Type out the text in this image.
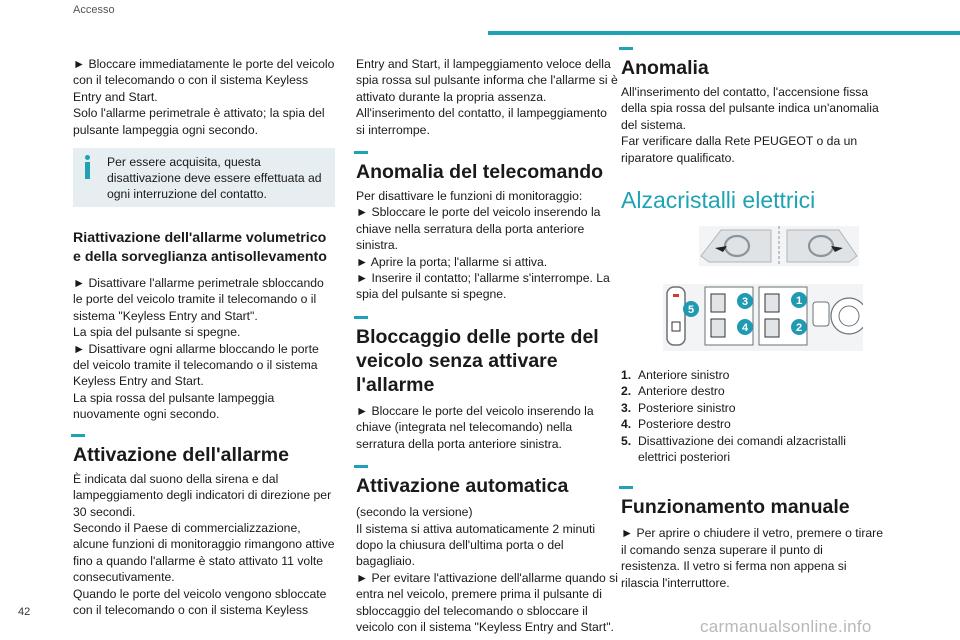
Accesso

► Bloccare immediatamente le porte del veicolo con il telecomando o con il sistema Keyless Entry and Start.

Solo l'allarme perimetrale è attivato; la spia del pulsante lampeggia ogni secondo.

Per essere acquisita, questa disattivazione deve essere effettuata ad ogni interruzione del contatto.

Riattivazione dell'allarme volumetrico e della sorveglianza antisollevamento

► Disattivare l'allarme perimetrale sbloccando le porte del veicolo tramite il telecomando o il sistema "Keyless Entry and Start".

La spia del pulsante si spegne.

► Disattivare ogni allarme bloccando le porte del veicolo tramite il telecomando o il sistema Keyless Entry and Start.

La spia rossa del pulsante lampeggia nuovamente ogni secondo.

Attivazione dell'allarme

È indicata dal suono della sirena e dal lampeggiamento degli indicatori di direzione per 30 secondi.

Secondo il Paese di commercializzazione, alcune funzioni di monitoraggio rimangono attive fino a quando l'allarme è stato attivato 11 volte consecutivamente.

Quando le porte del veicolo vengono sbloccate con il telecomando o con il sistema Keyless

Entry and Start, il lampeggiamento veloce della spia rossa sul pulsante informa che l'allarme si è attivato durante la propria assenza.

All'inserimento del contatto, il lampeggiamento si interrompe.

Anomalia del telecomando

Per disattivare le funzioni di monitoraggio:

► Sbloccare le porte del veicolo inserendo la chiave nella serratura della porta anteriore sinistra.

► Aprire la porta; l'allarme si attiva.

► Inserire il contatto; l'allarme s'interrompe. La spia del pulsante si spegne.

Bloccaggio delle porte del veicolo senza attivare l'allarme

► Bloccare le porte del veicolo inserendo la chiave (integrata nel telecomando) nella serratura della porta anteriore sinistra.

Attivazione automatica

(secondo la versione)

Il sistema si attiva automaticamente 2 minuti dopo la chiusura dell'ultima porta o del bagagliaio.

► Per evitare l'attivazione dell'allarme quando si entra nel veicolo, premere prima il pulsante di sbloccaggio del telecomando o sbloccare il veicolo con il sistema "Keyless Entry and Start".

Anomalia

All'inserimento del contatto, l'accensione fissa della spia rossa del pulsante indica un'anomalia del sistema.

Far verificare dalla Rete PEUGEOT o da un riparatore qualificato.

Alzacristalli elettrici
1
2
3
4
5
1. Anteriore sinistro
2. Anteriore destro
3. Posteriore sinistro
4. Posteriore destro
5. Disattivazione dei comandi alzacristalli elettrici posteriori
Funzionamento manuale

► Per aprire o chiudere il vetro, premere o tirare il comando senza superare il punto di resistenza. Il vetro si ferma non appena si rilascia l'interruttore.

42
carmanualsonline.info
